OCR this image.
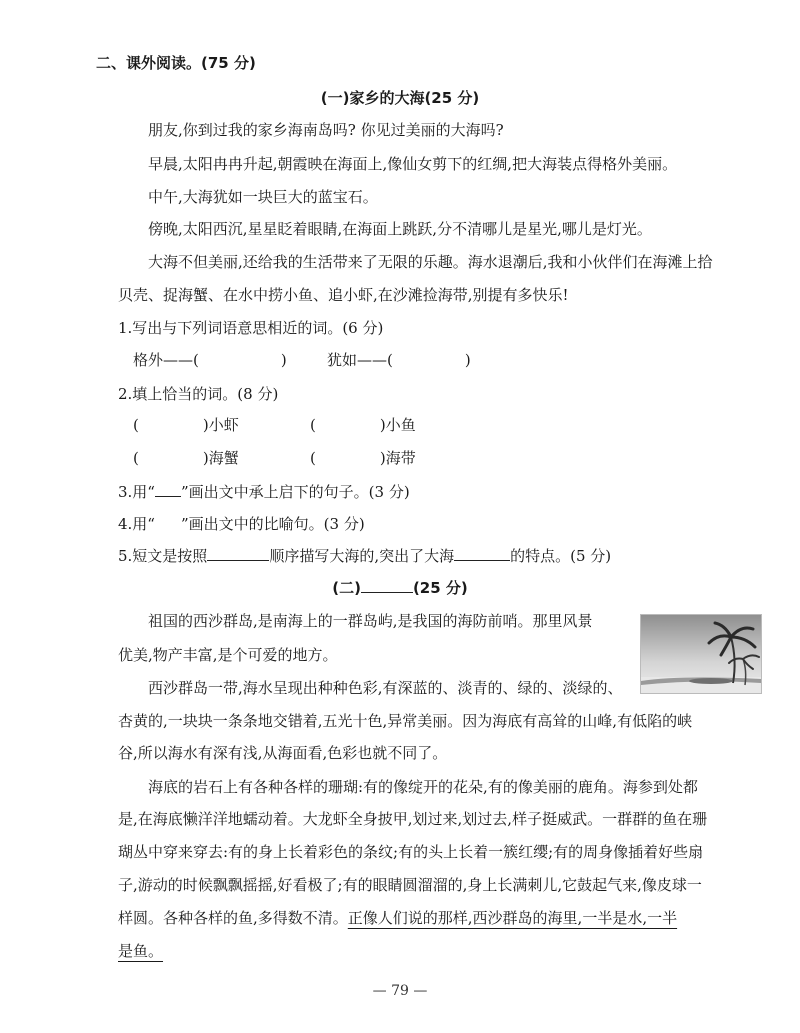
二、课外阅读。(75 分)
(一)家乡的大海(25 分)
朋友,你到过我的家乡海南岛吗? 你见过美丽的大海吗?
早晨,太阳冉冉升起,朝霞映在海面上,像仙女剪下的红绸,把大海装点得格外美丽。
中午,大海犹如一块巨大的蓝宝石。
傍晚,太阳西沉,星星眨着眼睛,在海面上跳跃,分不清哪儿是星光,哪儿是灯光。
大海不但美丽,还给我的生活带来了无限的乐趣。海水退潮后,我和小伙伴们在海滩上拾
贝壳、捉海蟹、在水中捞小鱼、追小虾,在沙滩捡海带,别提有多快乐!
1.写出与下列词语意思相近的词。(6 分)
格外——(	)	犹如——(	)
2.填上恰当的词。(8 分)
(	)小虾	(	)小鱼
(	)海蟹	(	)海带
3.用“ ”画出文中承上启下的句子。(3 分)
4.用“ ”画出文中的比喻句。(3 分)
5.短文是按照	顺序描写大海的,突出了大海	的特点。(5 分)
(二)	(25 分)
祖国的西沙群岛,是南海上的一群岛屿,是我国的海防前哨。那里风景
优美,物产丰富,是个可爱的地方。
西沙群岛一带,海水呈现出种种色彩,有深蓝的、淡青的、绿的、淡绿的、
杏黄的,一块块一条条地交错着,五光十色,异常美丽。因为海底有高耸的山峰,有低陷的峡
谷,所以海水有深有浅,从海面看,色彩也就不同了。
海底的岩石上有各种各样的珊瑚:有的像绽开的花朵,有的像美丽的鹿角。海参到处都
是,在海底懒洋洋地蠕动着。大龙虾全身披甲,划过来,划过去,样子挺威武。一群群的鱼在珊
瑚丛中穿来穿去:有的身上长着彩色的条纹;有的头上长着一簇红缨;有的周身像插着好些扇
子,游动的时候飘飘摇摇,好看极了;有的眼睛圆溜溜的,身上长满刺儿,它鼓起气来,像皮球一
样圆。各种各样的鱼,多得数不清。正像人们说的那样,西沙群岛的海里,一半是水,一半
是鱼。
— 79 —
